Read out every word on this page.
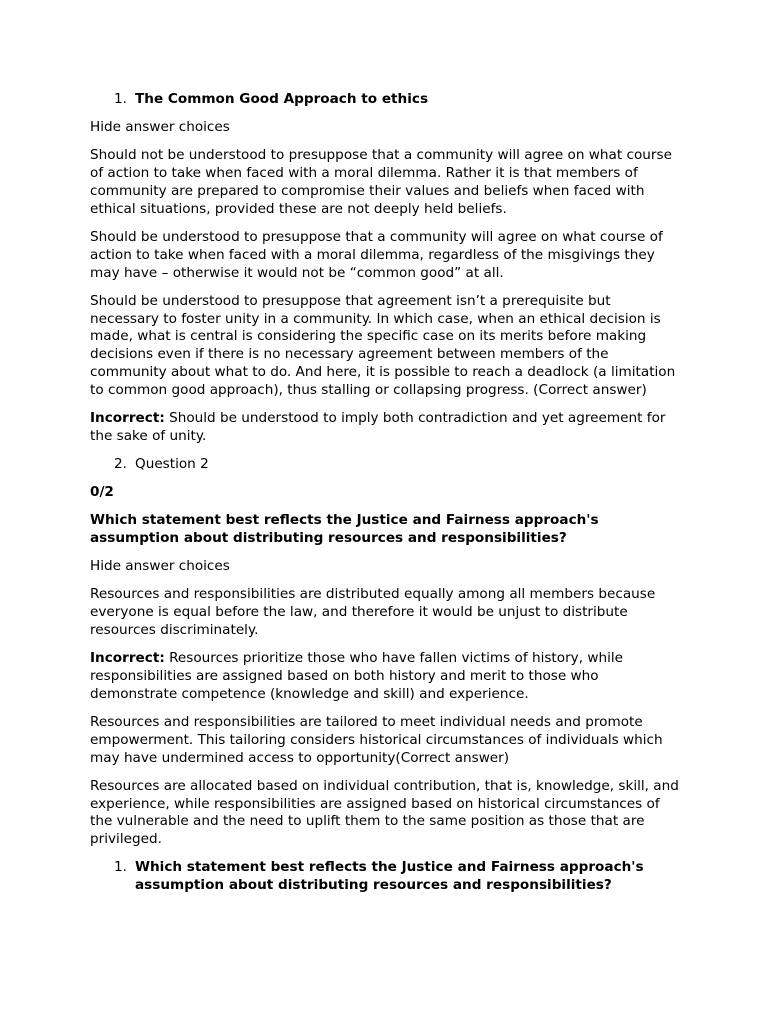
1. The Common Good Approach to ethics

Hide answer choices

Should not be understood to presuppose that a community will agree on what course of action to take when faced with a moral dilemma. Rather it is that members of community are prepared to compromise their values and beliefs when faced with ethical situations, provided these are not deeply held beliefs.

Should be understood to presuppose that a community will agree on what course of action to take when faced with a moral dilemma, regardless of the misgivings they may have – otherwise it would not be “common good” at all.

Should be understood to presuppose that agreement isn’t a prerequisite but necessary to foster unity in a community. In which case, when an ethical decision is made, what is central is considering the specific case on its merits before making decisions even if there is no necessary agreement between members of the community about what to do. And here, it is possible to reach a deadlock (a limitation to common good approach), thus stalling or collapsing progress. (Correct answer)

Incorrect: Should be understood to imply both contradiction and yet agreement for the sake of unity.

2. Question 2

0/2

Which statement best reflects the Justice and Fairness approach's assumption about distributing resources and responsibilities?

Hide answer choices

Resources and responsibilities are distributed equally among all members because everyone is equal before the law, and therefore it would be unjust to distribute resources discriminately.

Incorrect: Resources prioritize those who have fallen victims of history, while responsibilities are assigned based on both history and merit to those who demonstrate competence (knowledge and skill) and experience.

Resources and responsibilities are tailored to meet individual needs and promote empowerment. This tailoring considers historical circumstances of individuals which may have undermined access to opportunity(Correct answer)

Resources are allocated based on individual contribution, that is, knowledge, skill, and experience, while responsibilities are assigned based on historical circumstances of the vulnerable and the need to uplift them to the same position as those that are privileged.

1. Which statement best reflects the Justice and Fairness approach's assumption about distributing resources and responsibilities?
